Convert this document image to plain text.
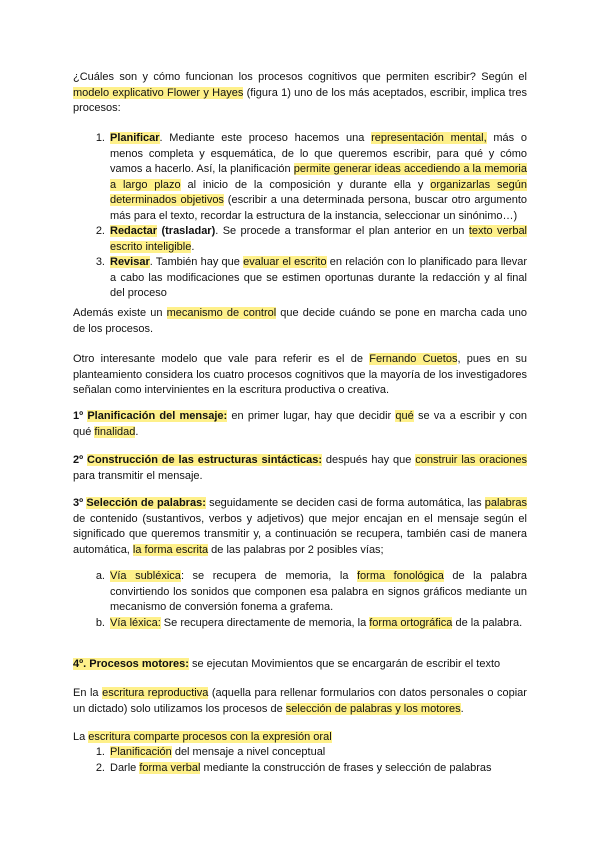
¿Cuáles son y cómo funcionan los procesos cognitivos que permiten escribir? Según el modelo explicativo Flower y Hayes (figura 1) uno de los más aceptados, escribir, implica tres procesos:

1. Planificar. Mediante este proceso hacemos una representación mental, más o menos completa y esquemática, de lo que queremos escribir, para qué y cómo vamos a hacerlo. Así, la planificación permite generar ideas accediendo a la memoria a largo plazo al inicio de la composición y durante ella y organizarlas según determinados objetivos (escribir a una determinada persona, buscar otro argumento más para el texto, recordar la estructura de la instancia, seleccionar un sinónimo…)
2. Redactar (trasladar). Se procede a transformar el plan anterior en un texto verbal escrito inteligible.
3. Revisar. También hay que evaluar el escrito en relación con lo planificado para llevar a cabo las modificaciones que se estimen oportunas durante la redacción y al final del proceso

Además existe un mecanismo de control que decide cuándo se pone en marcha cada uno de los procesos.

Otro interesante modelo que vale para referir es el de Fernando Cuetos, pues en su planteamiento considera los cuatro procesos cognitivos que la mayoría de los investigadores señalan como intervinientes en la escritura productiva o creativa.

1º Planificación del mensaje: en primer lugar, hay que decidir qué se va a escribir y con qué finalidad.

2º Construcción de las estructuras sintácticas: después hay que construir las oraciones para transmitir el mensaje.

3º Selección de palabras: seguidamente se deciden casi de forma automática, las palabras de contenido (sustantivos, verbos y adjetivos) que mejor encajan en el mensaje según el significado que queremos transmitir y, a continuación se recupera, también casi de manera automática, la forma escrita de las palabras por 2 posibles vías;

a. Vía subléxica: se recupera de memoria, la forma fonológica de la palabra convirtiendo los sonidos que componen esa palabra en signos gráficos mediante un mecanismo de conversión fonema a grafema.
b. Vía léxica: Se recupera directamente de memoria, la forma ortográfica de la palabra.

4º. Procesos motores: se ejecutan Movimientos que se encargarán de escribir el texto

En la escritura reproductiva (aquella para rellenar formularios con datos personales o copiar un dictado) solo utilizamos los procesos de selección de palabras y los motores.

La escritura comparte procesos con la expresión oral

1. Planificación del mensaje a nivel conceptual
2. Darle forma verbal mediante la construcción de frases y selección de palabras
